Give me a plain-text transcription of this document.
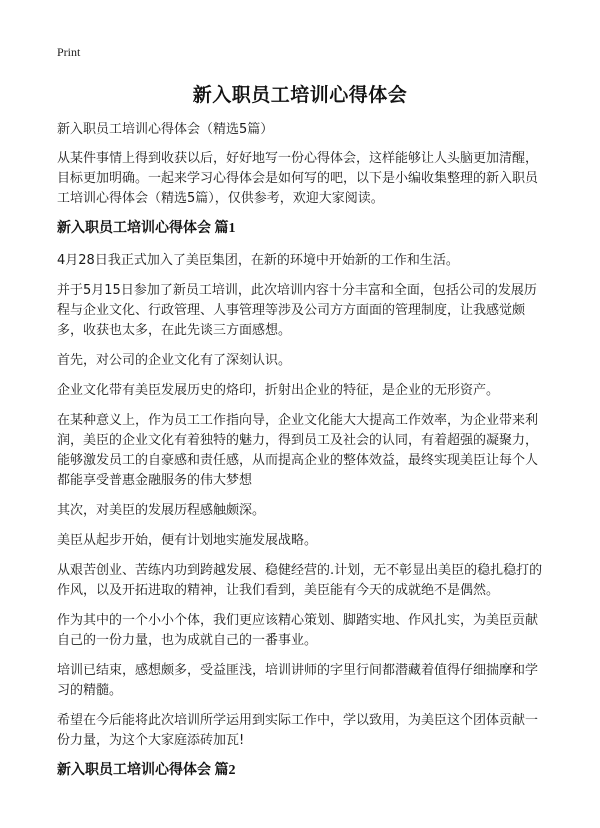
Print
新入职员工培训心得体会

新入职员工培训心得体会（精选5篇）

从某件事情上得到收获以后，好好地写一份心得体会，这样能够让人头脑更加清醒，目标更加明确。一起来学习心得体会是如何写的吧，以下是小编收集整理的新入职员工培训心得体会（精选5篇），仅供参考，欢迎大家阅读。

新入职员工培训心得体会 篇1

4月28日我正式加入了美臣集团，在新的环境中开始新的工作和生活。

并于5月15日参加了新员工培训，此次培训内容十分丰富和全面，包括公司的发展历程与企业文化、行政管理、人事管理等涉及公司方方面面的管理制度，让我感觉颇多，收获也太多，在此先谈三方面感想。

首先，对公司的企业文化有了深刻认识。

企业文化带有美臣发展历史的烙印，折射出企业的特征，是企业的无形资产。

在某种意义上，作为员工工作指向导，企业文化能大大提高工作效率，为企业带来利润，美臣的企业文化有着独特的魅力，得到员工及社会的认同，有着超强的凝聚力，能够激发员工的自豪感和责任感，从而提高企业的整体效益，最终实现美臣让每个人都能享受普惠金融服务的伟大梦想

其次，对美臣的发展历程感触颇深。

美臣从起步开始，便有计划地实施发展战略。

从艰苦创业、苦练内功到跨越发展、稳健经营的.计划，无不彰显出美臣的稳扎稳打的作风，以及开拓进取的精神，让我们看到，美臣能有今天的成就绝不是偶然。

作为其中的一个小小个体，我们更应该精心策划、脚踏实地、作风扎实，为美臣贡献自己的一份力量，也为成就自己的一番事业。

培训已结束，感想颇多，受益匪浅，培训讲师的字里行间都潜藏着值得仔细揣摩和学习的精髓。

希望在今后能将此次培训所学运用到实际工作中，学以致用，为美臣这个团体贡献一份力量，为这个大家庭添砖加瓦!

新入职员工培训心得体会 篇2
